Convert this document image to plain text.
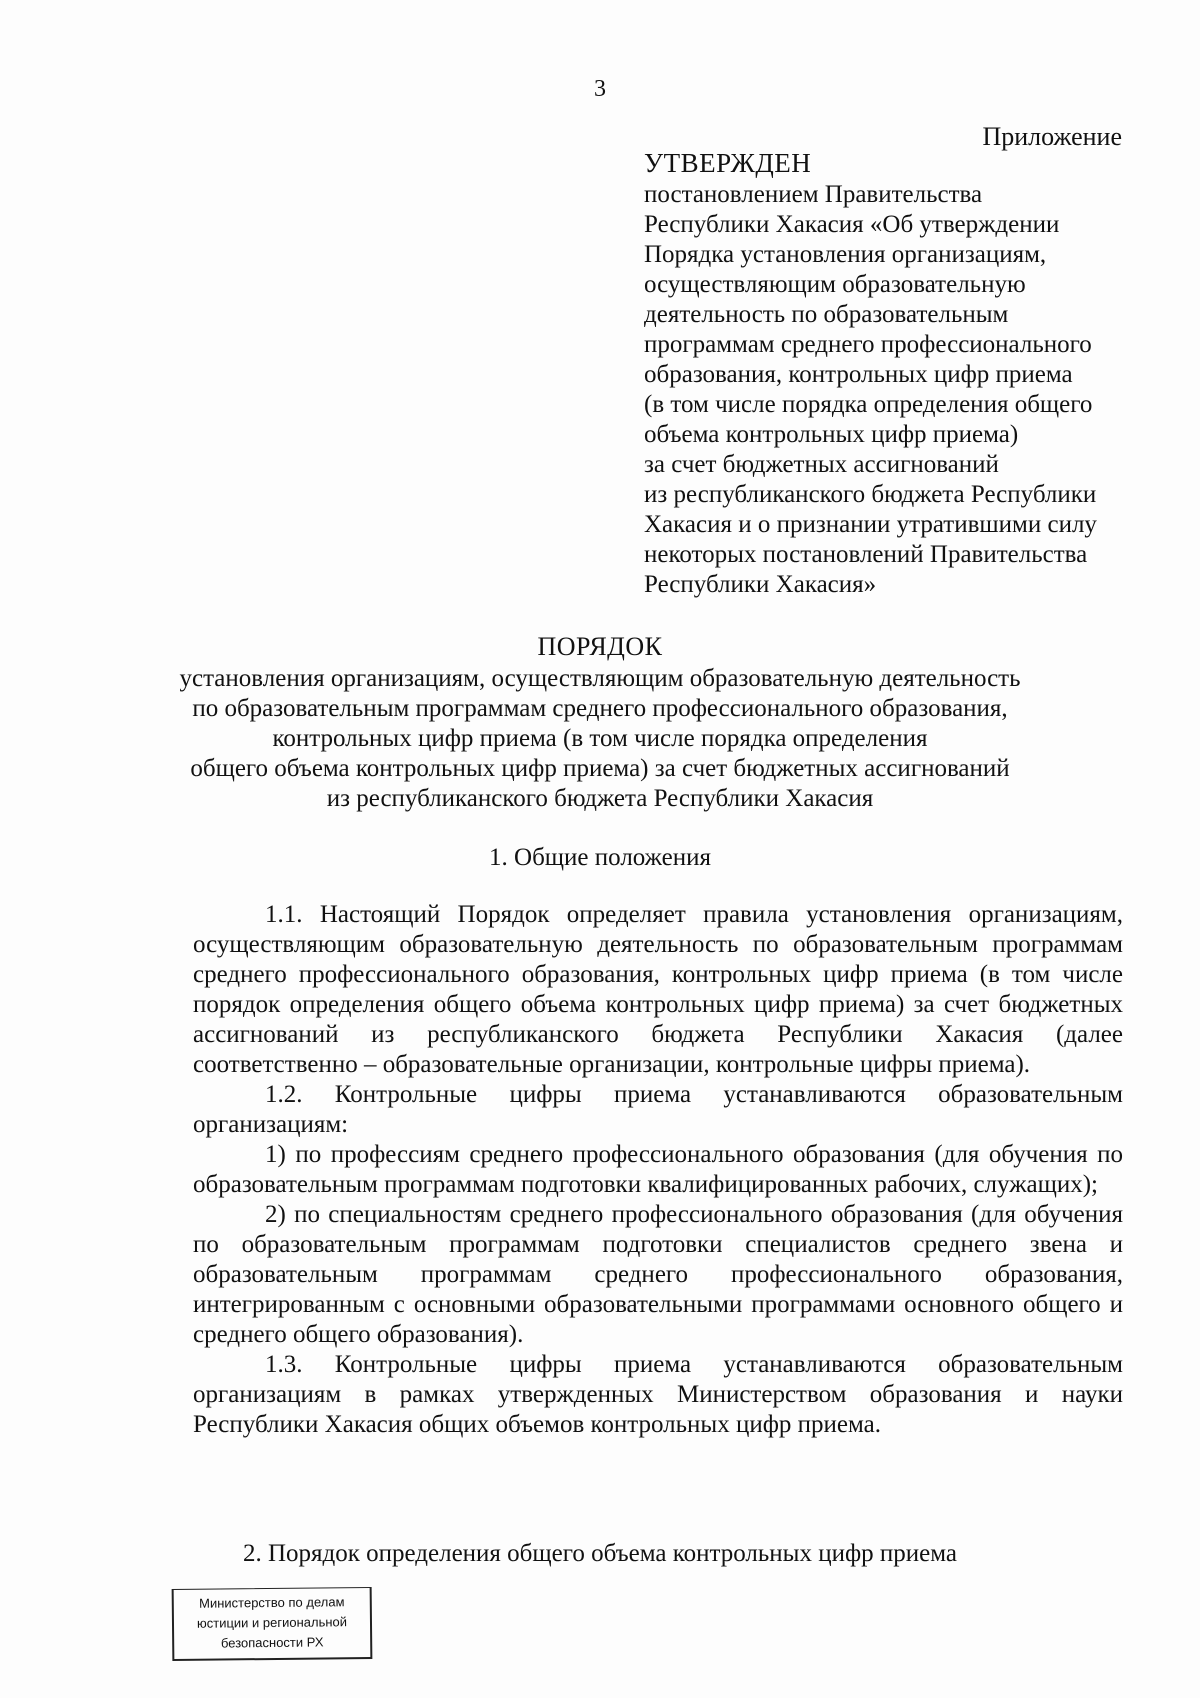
3
Приложение
УТВЕРЖДЕН
постановлением Правительства
Республики Хакасия «Об утверждении
Порядка установления организациям,
осуществляющим образовательную
деятельность по образовательным
программам среднего профессионального
образования, контрольных цифр приема
(в том числе порядка определения общего
объема контрольных цифр приема)
за счет бюджетных ассигнований
из республиканского бюджета Республики
Хакасия и о признании утратившими силу
некоторых постановлений Правительства
Республики Хакасия»
ПОРЯДОК
установления организациям, осуществляющим образовательную деятельность
по образовательным программам среднего профессионального образования,
контрольных цифр приема (в том числе порядка определения
общего объема контрольных цифр приема) за счет бюджетных ассигнований
из республиканского бюджета Республики Хакасия
1. Общие положения

1.1. Настоящий Порядок определяет правила установления организациям, осуществляющим образовательную деятельность по образовательным программам среднего профессионального образования, контрольных цифр приема (в том числе порядок определения общего объема контрольных цифр приема) за счет бюджетных ассигнований из республиканского бюджета Республики Хакасия (далее соответственно – образовательные организации, контрольные цифры приема).

1.2. Контрольные цифры приема устанавливаются образовательным организациям:

1) по профессиям среднего профессионального образования (для обучения по образовательным программам подготовки квалифицированных рабочих, служащих);

2) по специальностям среднего профессионального образования (для обучения по образовательным программам подготовки специалистов среднего звена и образовательным программам среднего профессионального образования, интегрированным с основными образовательными программами основного общего и среднего общего образования).

1.3. Контрольные цифры приема устанавливаются образовательным организациям в рамках утвержденных Министерством образования и науки Республики Хакасия общих объемов контрольных цифр приема.

2. Порядок определения общего объема контрольных цифр приема
Министерство по делам
юстиции и региональной
безопасности РХ
